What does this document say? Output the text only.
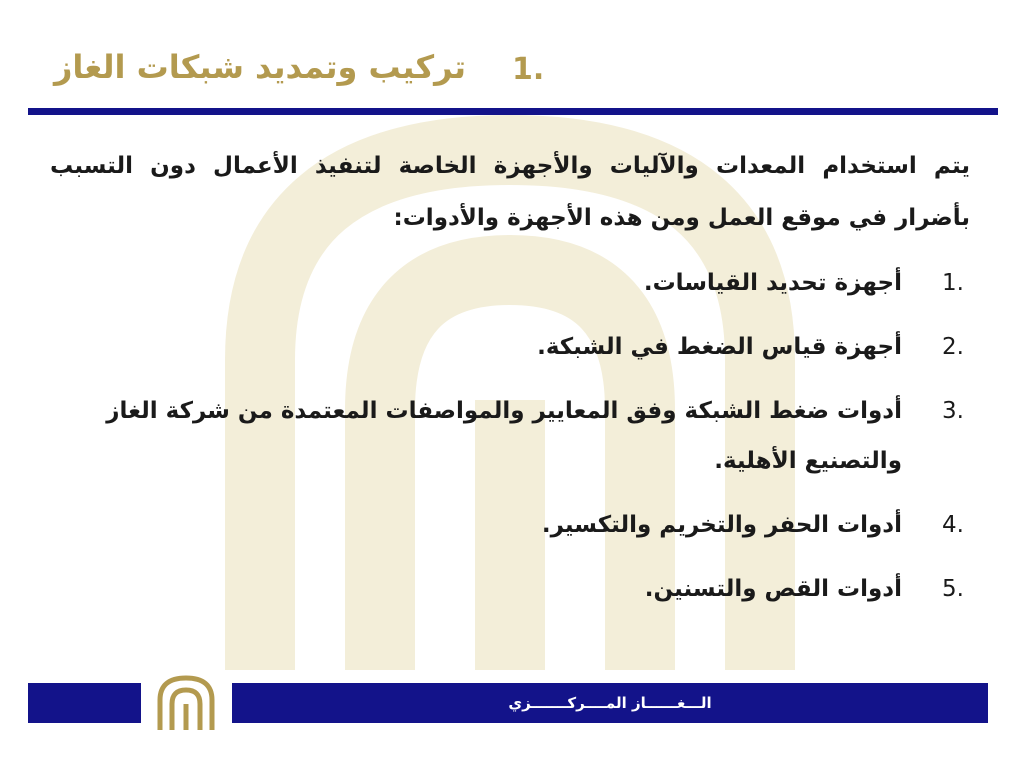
تركيب وتمديد شبكات الغاز 1.

يتم استخدام المعدات والآليات والأجهزة الخاصة لتنفيذ الأعمال دون التسبب بأضرار في موقع العمل ومن هذه الأجهزة والأدوات:

1.
أجهزة تحديد القياسات.
2.
أجهزة قياس الضغط في الشبكة.
3.
أدوات ضغط الشبكة وفق المعايير والمواصفات المعتمدة من شركة الغاز والتصنيع الأهلية.
4.
أدوات الحفر والتخريم والتكسير.
5.
أدوات القص والتسنين.
الـــغــــــاز المــــركـــــــزي
